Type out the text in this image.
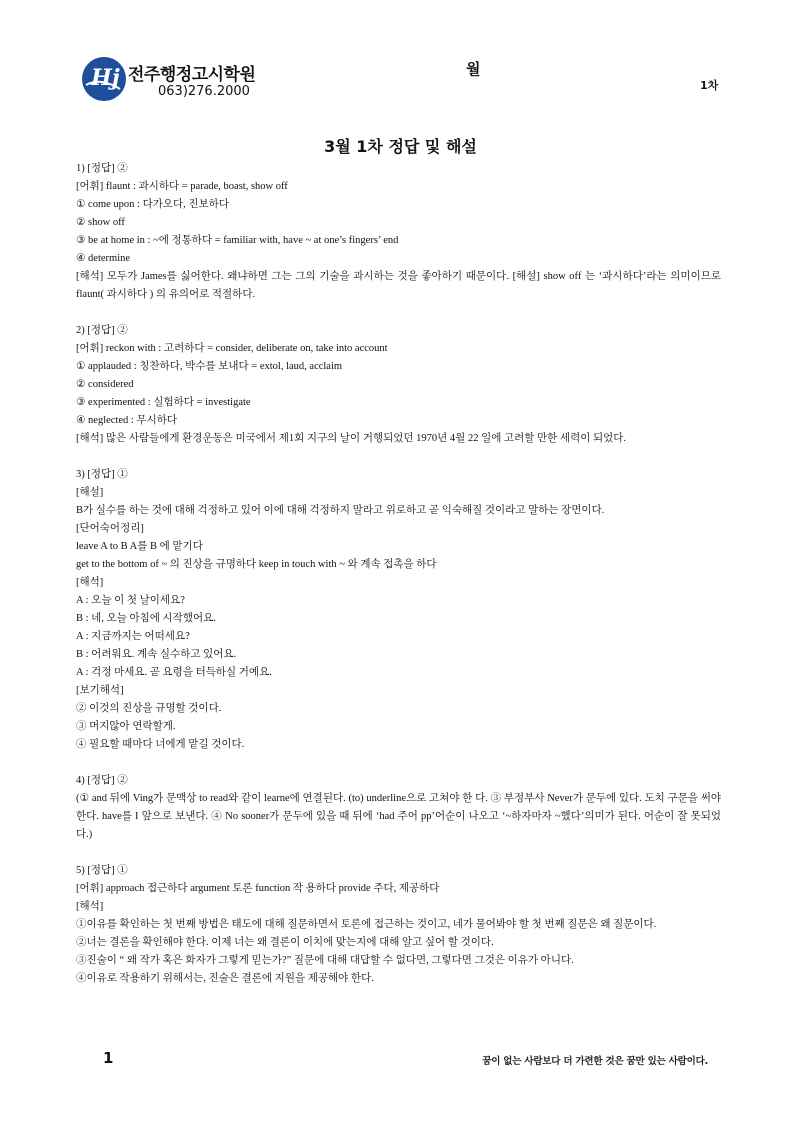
Hj 전주행정고시학원
063)276.2000
월
1차
3월 1차 정답 및 해설
1) [정답] ②
[어휘] flaunt : 과시하다 = parade, boast, show off
① come upon : 다가오다, 진보하다
② show off
③ be at home in : ~에 정통하다 = familiar with, have ~ at one’s fingers’ end
④ determine
[해석] 모두가 James를 싫어한다. 왜냐하면 그는 그의 기술을 과시하는 것을 좋아하기 때문이다. [해설] show off 는 ‘과시하다’라는 의미이므로 flaunt( 과시하다 ) 의 유의어로 적절하다.
2) [정답] ②
[어휘] reckon with : 고려하다 = consider, deliberate on, take into account
① applauded : 칭찬하다, 박수를 보내다 = extol, laud, acclaim
② considered
③ experimented : 실험하다 = investigate
④ neglected : 무시하다
[해석] 많은 사람들에게 환경운동은 미국에서 제1회 지구의 날이 거행되었던 1970년 4월 22 일에 고려할 만한 세력이 되었다.
3) [정답] ①
[해설]
B가 실수를 하는 것에 대해 걱정하고 있어 이에 대해 걱정하지 말라고 위로하고 곧 익숙해질 것이라고 말하는 장면이다.
[단어숙어정리]
leave A to B A를 B 에 맡기다
get to the bottom of ~ 의 진상을 규명하다 keep in touch with ~ 와 계속 접촉을 하다
[해석]
A : 오늘 이 첫 날이세요?
B : 네, 오늘 아침에 시작했어요.
A : 지금까지는 어떠세요?
B : 어려워요. 계속 실수하고 있어요.
A : 걱정 마세요. 곧 요령을 터득하실 거예요.
[보기해석]
② 이것의 진상을 규명할 것이다.
③ 머지않아 연락할게.
④ 필요할 때마다 너에게 맡길 것이다.
4) [정답] ②
(① and 뒤에 Ving가 문맥상 to read와 같이 learne에 연결된다. (to) underline으로 고쳐야 한 다. ③ 부정부사 Never가 문두에 있다. 도치 구문을 써야 한다. have를 I 앞으로 보낸다. ④ No sooner가 문두에 있을 때 뒤에 ‘had 주어 pp’어순이 나오고 ‘~하자마자 ~했다’의미가 된다. 어순이 잘 못되었다.)
5) [정답] ①
[어휘] approach 접근하다 argument 토론 function 작 용하다 provide 주다, 제공하다
[해석]
①이유를 확인하는 첫 번째 방법은 태도에 대해 질문하면서 토론에 접근하는 것이고, 네가 물어봐야 할 첫 번째 질문은 왜 질문이다.
②너는 결론을 확인해야 한다. 이제 너는 왜 결론이 이치에 맞는지에 대해 알고 싶어 할 것이다.
③진술이 “ 왜 작가 혹은 화자가 그렇게 믿는가?” 질문에 대해 대답할 수 없다면, 그렇다면 그것은 이유가 아니다.
④이유로 작용하기 위해서는, 진술은 결론에 지원을 제공해야 한다.
1	꿈이 없는 사람보다 더 가련한 것은 꿈만 있는 사람이다.
